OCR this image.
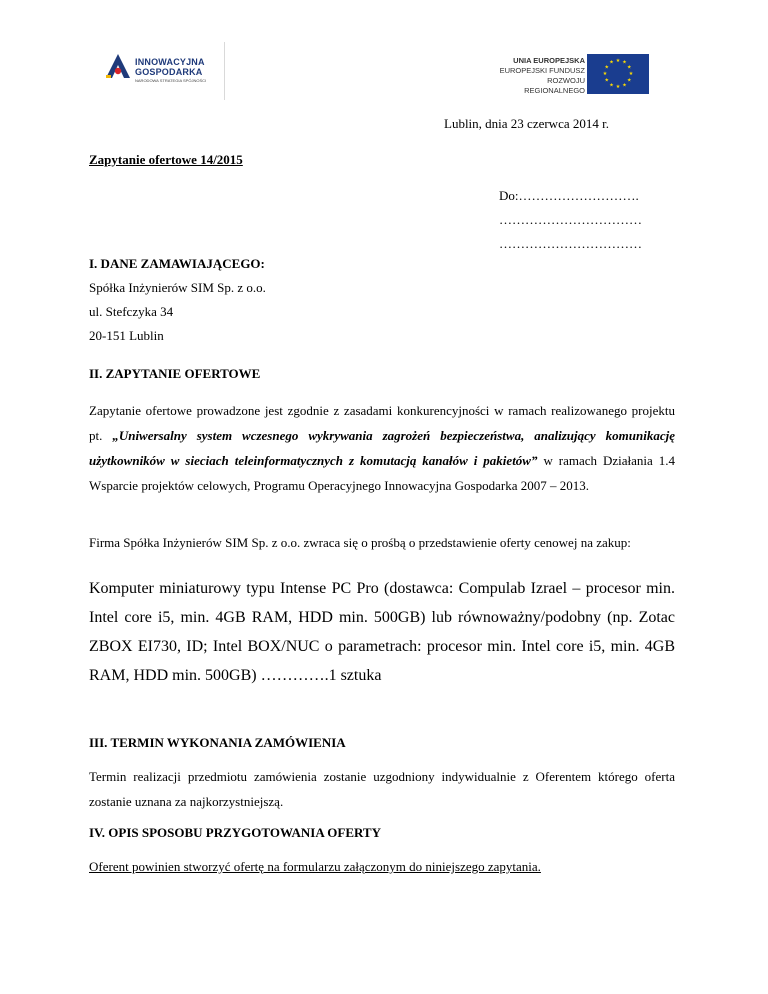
INNOWACYJNA
GOSPODARKA
NARODOWA STRATEGIA SPÓJNOŚCI
UNIA EUROPEJSKA
EUROPEJSKI FUNDUSZ
ROZWOJU REGIONALNEGO
★ ★
★
★
★
★
★
★
★
★
★
★
Lublin, dnia 23 czerwca 2014 r.
Zapytanie ofertowe 14/2015
Do:……………………….
……………………………
……………………………
I. DANE ZAMAWIAJĄCEGO:
Spółka Inżynierów SIM Sp. z o.o.
ul. Stefczyka 34
20-151 Lublin
II. ZAPYTANIE OFERTOWE
Zapytanie ofertowe prowadzone jest zgodnie z zasadami konkurencyjności w ramach realizowanego projektu pt. „Uniwersalny system wczesnego wykrywania zagrożeń bezpieczeństwa, analizujący komunikację użytkowników w sieciach teleinformatycznych z komutacją kanałów i pakietów” w ramach Działania 1.4 Wsparcie projektów celowych, Programu Operacyjnego Innowacyjna Gospodarka 2007 – 2013.
Firma Spółka Inżynierów SIM Sp. z o.o. zwraca się o prośbą o przedstawienie oferty cenowej na zakup:
Komputer miniaturowy typu Intense PC Pro (dostawca: Compulab Izrael – procesor min. Intel core i5, min. 4GB RAM, HDD min. 500GB) lub równoważny/podobny (np. Zotac ZBOX EI730, ID; Intel BOX/NUC o parametrach: procesor min. Intel core i5, min. 4GB RAM, HDD min. 500GB) ………….1 sztuka
III. TERMIN WYKONANIA ZAMÓWIENIA
Termin realizacji przedmiotu zamówienia zostanie uzgodniony indywidualnie z Oferentem którego oferta zostanie uznana za najkorzystniejszą.
IV. OPIS SPOSOBU PRZYGOTOWANIA OFERTY
Oferent powinien stworzyć ofertę na formularzu załączonym do niniejszego zapytania.
